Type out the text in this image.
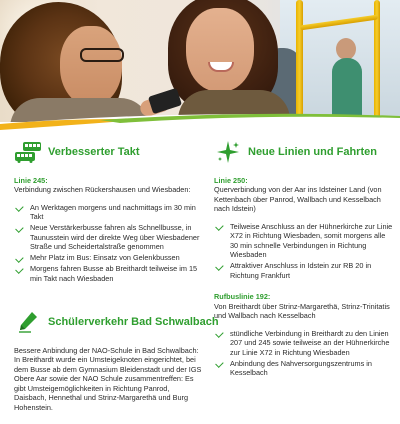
Verbesserter Takt
Linie 245:

Verbindung zwischen Rückershausen und Wiesbaden:

An Werktagen morgens und nachmittags im 30 min Takt
Neue Verstärkerbusse fahren als Schnellbusse, in Taunusstein wird der direkte Weg über Wiesbadener Straße und Scheidertalstraße genommen
Mehr Platz im Bus: Einsatz von Gelenkbussen
Morgens fahren Busse ab Breithardt teilweise im 15 min Takt nach Wiesbaden
Schülerverkehr Bad Schwalbach

Bessere Anbindung der NAO-Schule in Bad Schwalbach: In Breithardt wurde ein Umsteigeknoten eingerichtet, bei dem Busse ab dem Gymnasium Bleidenstadt und der IGS Obere Aar sowie der NAO Schule zusammentreffen: Es gibt Umsteigemöglichkeiten in Richtung Panrod, Daisbach, Hennethal und Strinz-Margarethä und Burg Hohenstein.

Neue Linien und Fahrten
Linie 250:

Querverbindung von der Aar ins Idsteiner Land (von Kettenbach über Panrod, Wallbach und Kesselbach nach Idstein)

Teilweise Anschluss an der Hühnerkirche zur Linie X72 in Richtung Wiesbaden, somit morgens alle 30 min schnelle Verbindungen in Richtung Wiesbaden
Attraktiver Anschluss in Idstein zur RB 20 in Richtung Frankfurt
Rufbuslinie 192:

Von Breithardt über Strinz-Margarethä, Strinz-Trinitatis und Wallbach nach Kesselbach

stündliche Verbindung in Breithardt zu den Linien 207 und 245 sowie teilweise an der Hühnerkirche zur Linie X72 in Richtung Wiesbaden
Anbindung des Nahversorgungszentrums in Kesselbach
